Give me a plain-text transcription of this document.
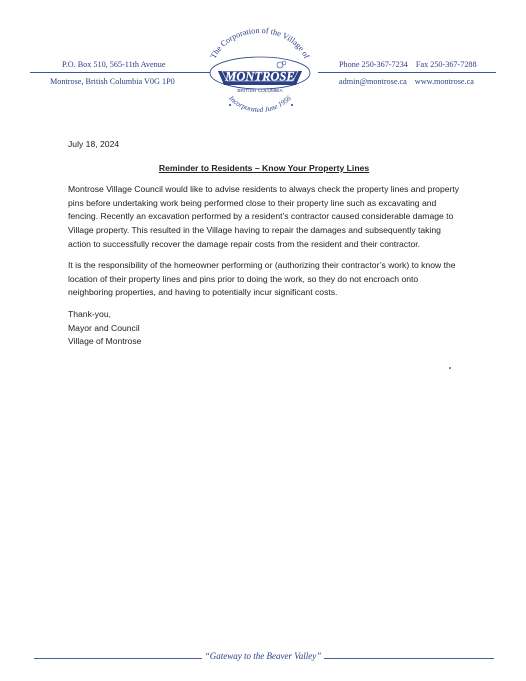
P.O. Box 510, 565-11th Avenue
Montrose, British Columbia V0G 1P0
Phone 250-367-7234 Fax 250-367-7288
admin@montrose.ca www.montrose.ca
The Corporation of the Village of
MONTROSE
BRITISH COLUMBIA
Incorporated June 1956

July 18, 2024

Reminder to Residents – Know Your Property Lines

Montrose Village Council would like to advise residents to always check the property lines and property pins before undertaking work being performed close to their property line such as excavating and fencing. Recently an excavation performed by a resident’s contractor caused considerable damage to Village property. This resulted in the Village having to repair the damages and subsequently taking action to successfully recover the damage repair costs from the resident and their contractor.

It is the responsibility of the homeowner performing or (authorizing their contractor’s work) to know the location of their property lines and pins prior to doing the work, so they do not encroach onto neighboring properties, and having to potentially incur significant costs.

Thank-you,
Mayor and Council
Village of Montrose
“Gateway to the Beaver Valley”
